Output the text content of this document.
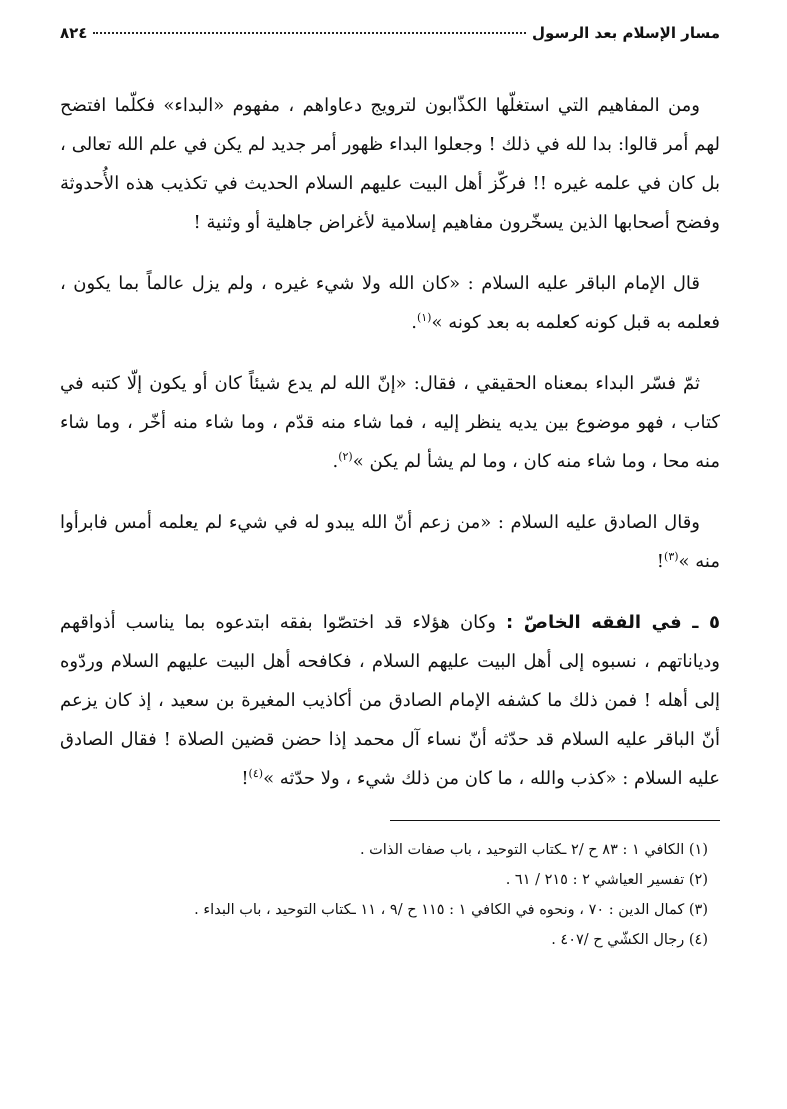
مسار الإسلام بعد الرسول
٨٢٤

ومن المفاهيم التي استغلّها الكذّابون لترويج دعاواهم ، مفهوم «البداء» فكلّما افتضح لهم أمر قالوا: بدا لله في ذلك ! وجعلوا البداء ظهور أمر جديد لم يكن في علم الله تعالى ، بل كان في علمه غيره !! فركّز أهل البيت عليهم السلام الحديث في تكذيب هذه الأُحدوثة وفضح أصحابها الذين يسخّرون مفاهيم إسلامية لأغراض جاهلية أو وثنية !

قال الإمام الباقر عليه السلام : «كان الله ولا شيء غيره ، ولم يزل عالماً بما يكون ، فعلمه به قبل كونه كعلمه به بعد كونه »$^{(١)}$.

ثمّ فسّر البداء بمعناه الحقيقي ، فقال: «إنّ الله لم يدع شيئاً كان أو يكون إلّا كتبه في كتاب ، فهو موضوع بين يديه ينظر إليه ، فما شاء منه قدّم ، وما شاء منه أخّر ، وما شاء منه محا ، وما شاء منه كان ، وما لم يشأ لم يكن »$^{(٢)}$.

وقال الصادق عليه السلام : «من زعم أنّ الله يبدو له في شيء لم يعلمه أمس فابرأوا منه »$^{(٣)}$!

٥ ـ في الفقه الخاصّ : وكان هؤلاء قد اختصّوا بفقه ابتدعوه بما يناسب أذواقهم ودياناتهم ، نسبوه إلى أهل البيت عليهم السلام ، فكافحه أهل البيت عليهم السلام وردّوه إلى أهله ! فمن ذلك ما كشفه الإمام الصادق من أكاذيب المغيرة بن سعيد ، إذ كان يزعم أنّ الباقر عليه السلام قد حدّثه أنّ نساء آل محمد إذا حضن قضين الصلاة ! فقال الصادق عليه السلام : «كذب والله ، ما كان من ذلك شيء ، ولا حدّثه »$^{(٤)}$!

(١) الكافي ١ : ٨٣ ح /٢ ـكتاب التوحيد ، باب صفات الذات .
(٢) تفسير العياشي ٢ : ٢١٥ / ٦١ .
(٣) كمال الدين : ٧٠ ، ونحوه في الكافي ١ : ١١٥ ح /٩ ، ١١ ـكتاب التوحيد ، باب البداء .
(٤) رجال الكشّي ح /٤٠٧ .
